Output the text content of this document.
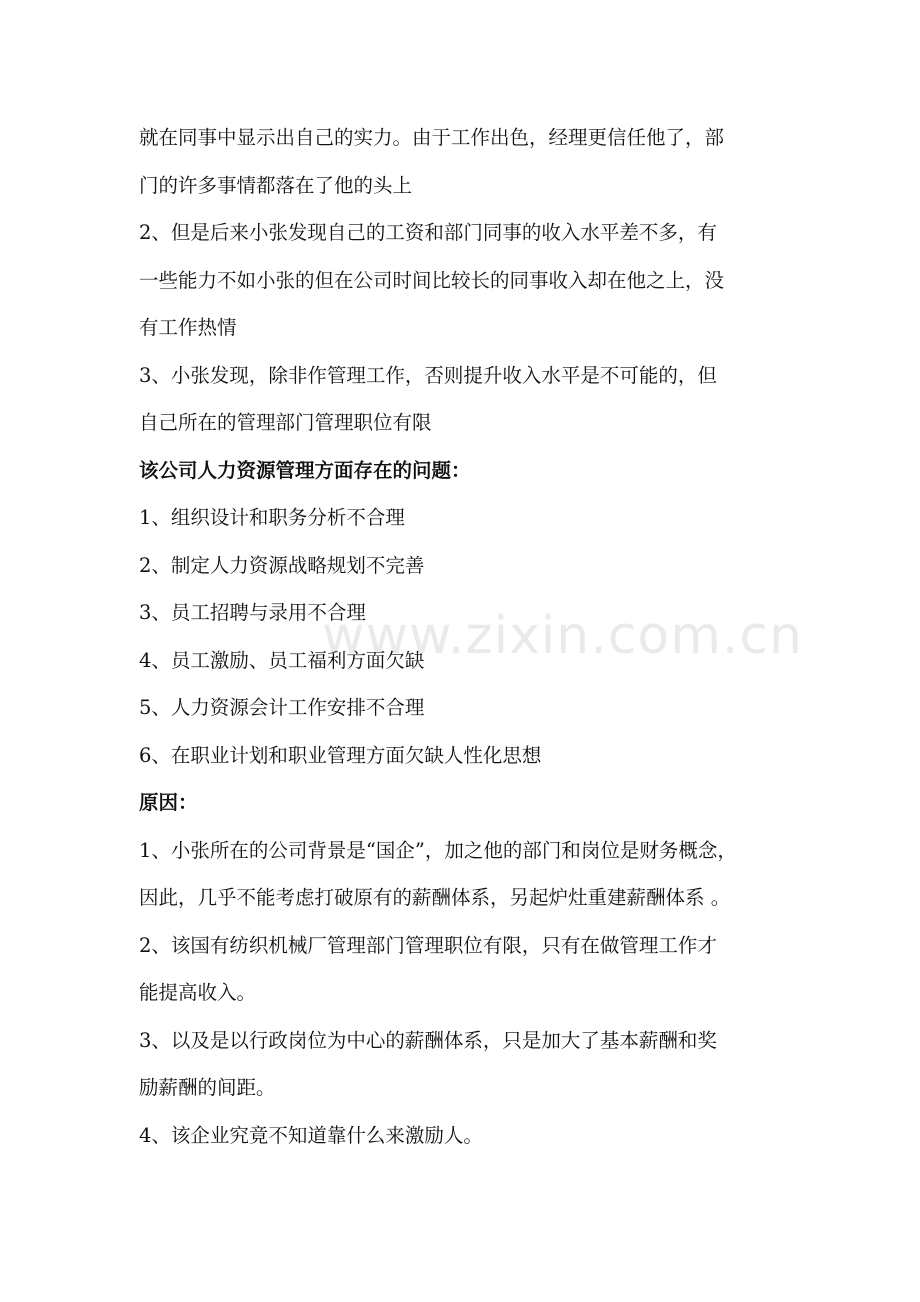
就在同事中显示出自己的实力。由于工作出色，经理更信任他了，部
门的许多事情都落在了他的头上
2、但是后来小张发现自己的工资和部门同事的收入水平差不多，有
一些能力不如小张的但在公司时间比较长的同事收入却在他之上，没
有工作热情
3、小张发现，除非作管理工作，否则提升收入水平是不可能的，但
自己所在的管理部门管理职位有限
该公司人力资源管理方面存在的问题：
1、组织设计和职务分析不合理
2、制定人力资源战略规划不完善
3、员工招聘与录用不合理
4、员工激励、员工福利方面欠缺
5、人力资源会计工作安排不合理
6、在职业计划和职业管理方面欠缺人性化思想
原因：
1、小张所在的公司背景是“国企”，加之他的部门和岗位是财务概念，
因此，几乎不能考虑打破原有的薪酬体系，另起炉灶重建薪酬体系 。
2、该国有纺织机械厂管理部门管理职位有限，只有在做管理工作才
能提高收入。
3、以及是以行政岗位为中心的薪酬体系，只是加大了基本薪酬和奖
励薪酬的间距。
4、该企业究竟不知道靠什么来激励人。
www.zixin.com.cn
